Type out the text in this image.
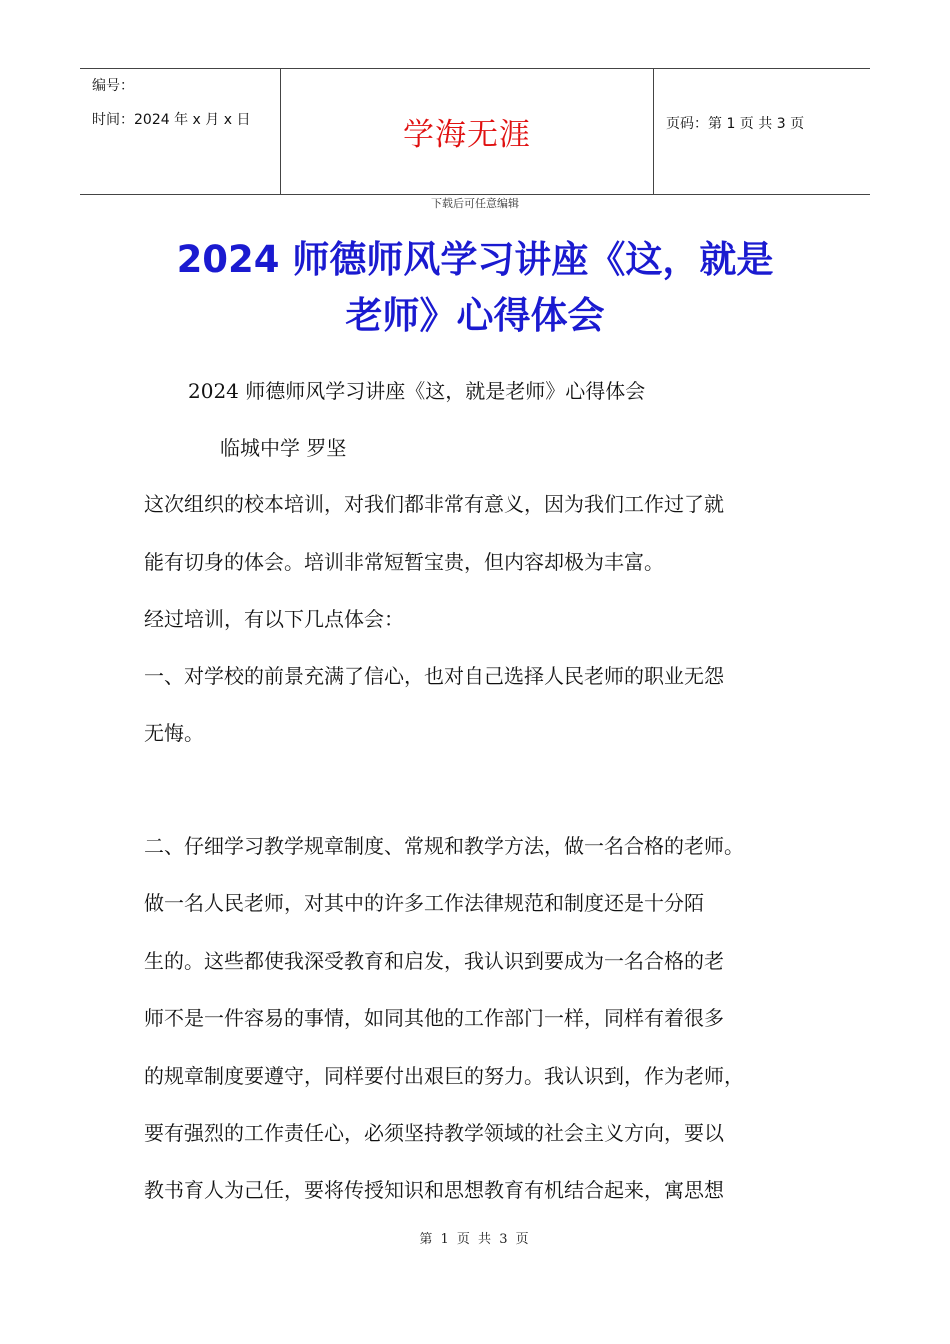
编号：
时间：2024 年 x 月 x 日	学海无涯	页码：第 1 页 共 3 页
下载后可任意编辑
2024 师德师风学习讲座《这，就是
老师》心得体会
2024 师德师风学习讲座《这，就是老师》心得体会
临城中学 罗坚
这次组织的校本培训，对我们都非常有意义，因为我们工作过了就
能有切身的体会。培训非常短暂宝贵，但内容却极为丰富。
经过培训，有以下几点体会：
一、对学校的前景充满了信心，也对自己选择人民老师的职业无怨
无悔。
二、仔细学习教学规章制度、常规和教学方法，做一名合格的老师。
做一名人民老师，对其中的许多工作法律规范和制度还是十分陌
生的。这些都使我深受教育和启发，我认识到要成为一名合格的老
师不是一件容易的事情，如同其他的工作部门一样，同样有着很多
的规章制度要遵守，同样要付出艰巨的努力。我认识到，作为老师，
要有强烈的工作责任心，必须坚持教学领域的社会主义方向，要以
教书育人为己任，要将传授知识和思想教育有机结合起来，寓思想
第 1 页 共 3 页
